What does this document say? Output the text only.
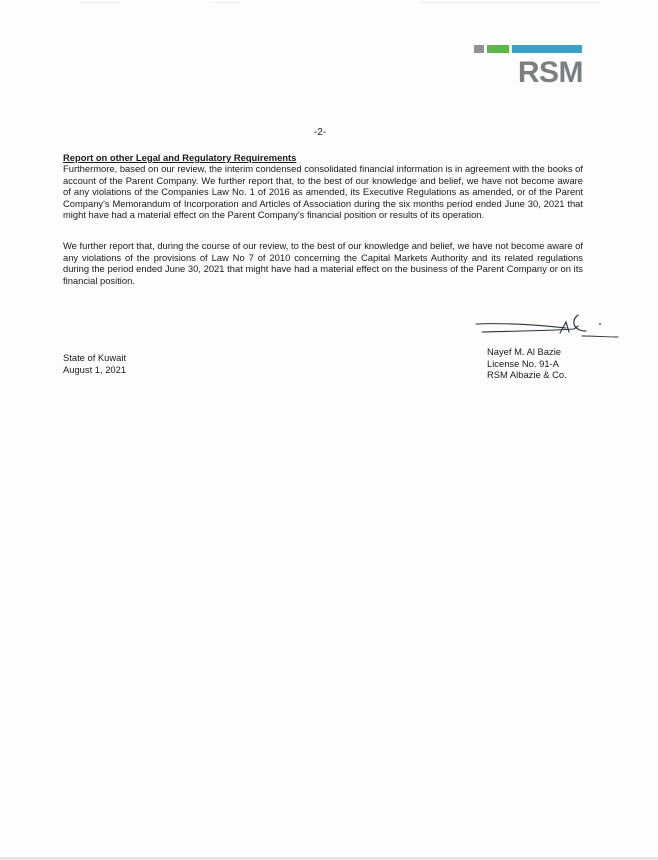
RSM
-2-
Report on other Legal and Regulatory Requirements

Furthermore, based on our review, the interim condensed consolidated financial information is in agreement with the books of account of the Parent Company. We further report that, to the best of our knowledge and belief, we have not become aware of any violations of the Companies Law No. 1 of 2016 as amended, its Executive Regulations as amended, or of the Parent Company's Memorandum of Incorporation and Articles of Association during the six months period ended June 30, 2021 that might have had a material effect on the Parent Company's financial position or results of its operation.

We further report that, during the course of our review, to the best of our knowledge and belief, we have not become aware of any violations of the provisions of Law No 7 of 2010 concerning the Capital Markets Authority and its related regulations during the period ended June 30, 2021 that might have had a material effect on the business of the Parent Company or on its financial position.

State of Kuwait
August 1, 2021
Nayef M. Al Bazie
License No. 91-A
RSM Albazie & Co.
